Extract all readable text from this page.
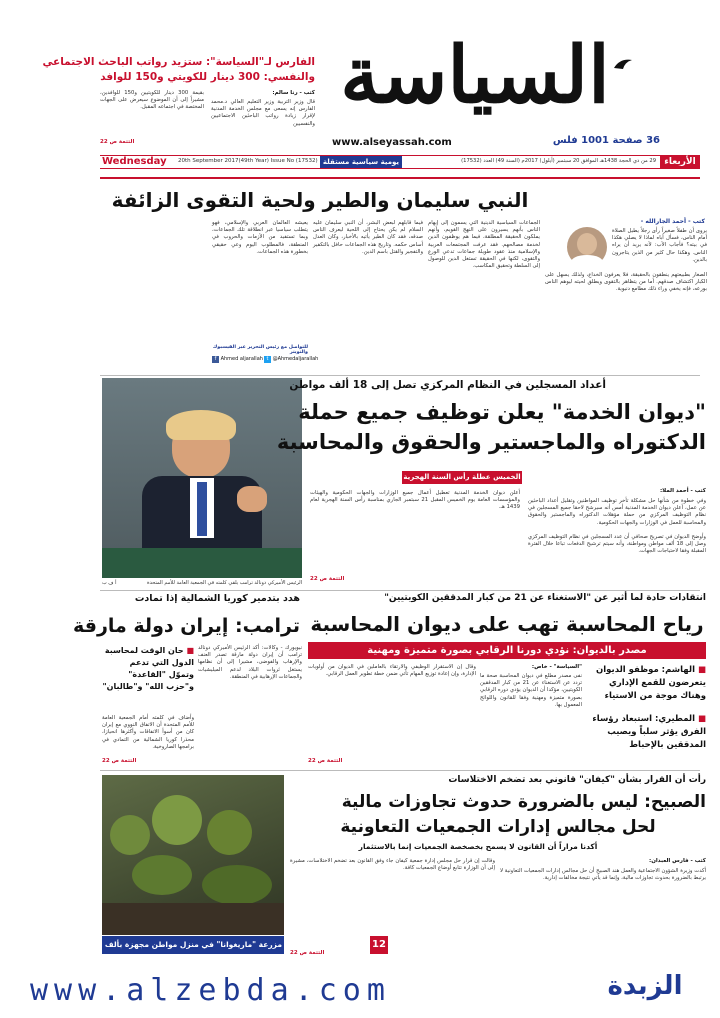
السياسة
www.alseyassah.com	36 صفحة 1001 فلس
Wednesday 20th September 2017(49th Year) Issue No (17532) يومية سياسية مستقلة	29 من ذي الحجة 1438هـ الموافق 20 سبتمبر (أيلول) 2017م (السنة 49) العدد (17532) الأربعاء
الفارس لـ"السياسة": ستزيد رواتب الباحث الاجتماعي
والنفسي: 300 دينار للكويتي و150 للوافد
كتب - رنا سالم:
قال وزير التربية وزير التعليم العالي د.محمد الفارس إنه يسعى مع مجلس الخدمة المدنية لإقرار زيادة رواتب الباحثين الاجتماعيين والنفسيين
بقيمة 300 دينار للكويتيين و150 للوافدين، مشيراً إلى أن الموضوع سيعرض على الجهات المختصة في اجتماعه المقبل.
التتمة ص 22
النبي سليمان والطير ولحية التقوى الزائفة
كتب - أحمد الجارالله -
يروى أن طفلاً صغيراً رأى رجلاً يطيل الصلاة أمام الناس، فسأل أباه لماذا لا يصلي هكذا في بيته؟ فأجاب الأب: لأنه يريد أن يراه الناس. وهكذا حال كثير من الذين يتاجرون بالدين.
الصغار بطبيعتهم ينطقون بالحقيقة، فلا يعرفون الخداع، ولذلك يسهل على الكبار اكتشاف صدقهم. أما من يتظاهر بالتقوى ويطلق لحيته ليوهم الناس بورعه، فإنه يخفي وراء ذلك مطامع دنيوية.
الجماعات السياسية الدينية التي يسمون إلى إيهام الناس بأنهم يسيرون على النهج القويم، وأنهم يملكون الحقيقة المطلقة، فيما هم يوظفون الدين لخدمة مصالحهم. فقد عرفت المجتمعات العربية والإسلامية منذ عقود طويلة جماعات تدعي الورع والتقوى، لكنها في الحقيقة تستغل الدين للوصول إلى السلطة وتحقيق المكاسب.
فيما قابلهم لبعض البشر، أن النبي سليمان عليه السلام لم يكن يحتاج إلى اللحية ليعرف الناس صدقه، فقد كان الطير يأتيه بالأخبار، وكان العدل أساس حكمه. وتاريخ هذه الجماعات حافل بالتكفير والتفجير والقتل باسم الدين.
يعيشه العالمان العربي والإسلامي، فهو يتطلب سياسيا عبر انطلاقة تلك الجماعات، وبما تستفيد من الأزمات والحروب في المنطقة، فالمطلوب اليوم وعي حقيقي بخطورة هذه الجماعات.
للتواصل مع رئيس التحرير عبر الفيسبوك والتويتر
f Ahmed aljarallah t @Ahmedaljarallah
الرئيس الأميركي دونالد ترامب يلقي كلمته في الجمعية العامة للأمم المتحدة
أ ف ب
أعداد المسجلين في النظام المركزي تصل إلى 18 ألف مواطن
"ديوان الخدمة" يعلن توظيف جميع حملة
الدكتوراه والماجستير والحقوق والمحاسبة
الخميس عطلة رأس السنة الهجرية
كتب - أحمد الملا:
وفي خطوة من شأنها حل مشكلة تأخر توظيف المواطنين وتقليل أعداد الباحثين عن عمل، أعلن ديوان الخدمة المدنية أمس أنه سيرشح لاحقا جميع المسجلين في نظام التوظيف المركزي من حملة مؤهلات الدكتوراه والماجستير والحقوق والمحاسبة للعمل في الوزارات والجهات الحكومية.
وأوضح الديوان في تصريح صحافي أن عدد المسجلين في نظام التوظيف المركزي وصل إلى 18 ألف مواطن ومواطنة، وأنه سيتم ترشيح الدفعات تباعا خلال الفترة المقبلة وفقا لاحتياجات الجهات.
أعلن ديوان الخدمة المدنية تعطيل أعمال جميع الوزارات والجهات الحكومية والهيئات والمؤسسات العامة يوم الخميس المقبل 21 سبتمبر الجاري بمناسبة رأس السنة الهجرية لعام 1439 هـ.
التتمة ص 22
هدد بتدمير كوريا الشمالية إذا تمادت
ترامب: إيران دولة مارقة
■ حان الوقت لمحاسبة الدول التي تدعم وتموّل "القاعدة" و"حزب الله" و"طالبان"
نيويورك - وكالات: أكد الرئيس الأميركي دونالد ترامب أن إيران دولة مارقة تصدر العنف والإرهاب والفوضى، مشيرا إلى أن نظامها يستغل ثروات البلاد لدعم الميليشيات والجماعات الإرهابية في المنطقة.
وأضاف في كلمته أمام الجمعية العامة للأمم المتحدة أن الاتفاق النووي مع إيران كان من أسوأ الاتفاقات وأكثرها انحيازا، محذرا كوريا الشمالية من التمادي في برامجها الصاروخية.
التتمة ص 22
انتقادات حادة لما أثير عن "الاستغناء عن 21 من كبار المدققين الكويتيين"
رياح المحاسبة تهب على ديوان المحاسبة
مصدر بالديوان: نؤدي دورنا الرقابي بصورة متميزة ومهنية
■ الهاشم: موظفو الديوان يتعرضون للقمع الإداري وهناك موجة من الاستياء
■ المطيري: استبعاد رؤساء الفرق يؤثر سلباً ويصيب المدققين بالإحباط
"السياسة" - خاص:
نفى مصدر مطلع في ديوان المحاسبة صحة ما تردد عن الاستغناء عن 21 من كبار المدققين الكويتيين، مؤكدا أن الديوان يؤدي دوره الرقابي بصورة متميزة ومهنية وفقا للقانون واللوائح المعمول بها.
وقال إن الاستقرار الوظيفي والارتقاء بالعاملين في الديوان من أولويات الإدارة، وإن إعادة توزيع المهام تأتي ضمن خطة تطوير العمل الرقابي.
التتمة ص 22
رأت أن القرار بشأن "كيفان" قانوني بعد تضخم الاختلاسات
الصبيح: ليس بالضرورة حدوث تجاوزات مالية
لحل مجالس إدارات الجمعيات التعاونية
أكدنا مراراً أن القانون لا يسمح بخصخصة الجمعيات إنما بالاستثمار
كتب - فارس العبدان:
أكدت وزيرة الشؤون الاجتماعية والعمل هند الصبيح أن حل مجالس إدارات الجمعيات التعاونية لا يرتبط بالضرورة بحدوث تجاوزات مالية، وإنما قد يأتي نتيجة مخالفات إدارية.
وقالت إن قرار حل مجلس إدارة جمعية كيفان جاء وفق القانون بعد تضخم الاختلاسات، مشيرة إلى أن الوزارة تتابع أوضاع الجمعيات كافة.
التتمة ص 22
مزرعة "ماريغوانا" في منزل مواطن مجهزة بألف شتلة	12
www.alzebda.com	الزبدة
